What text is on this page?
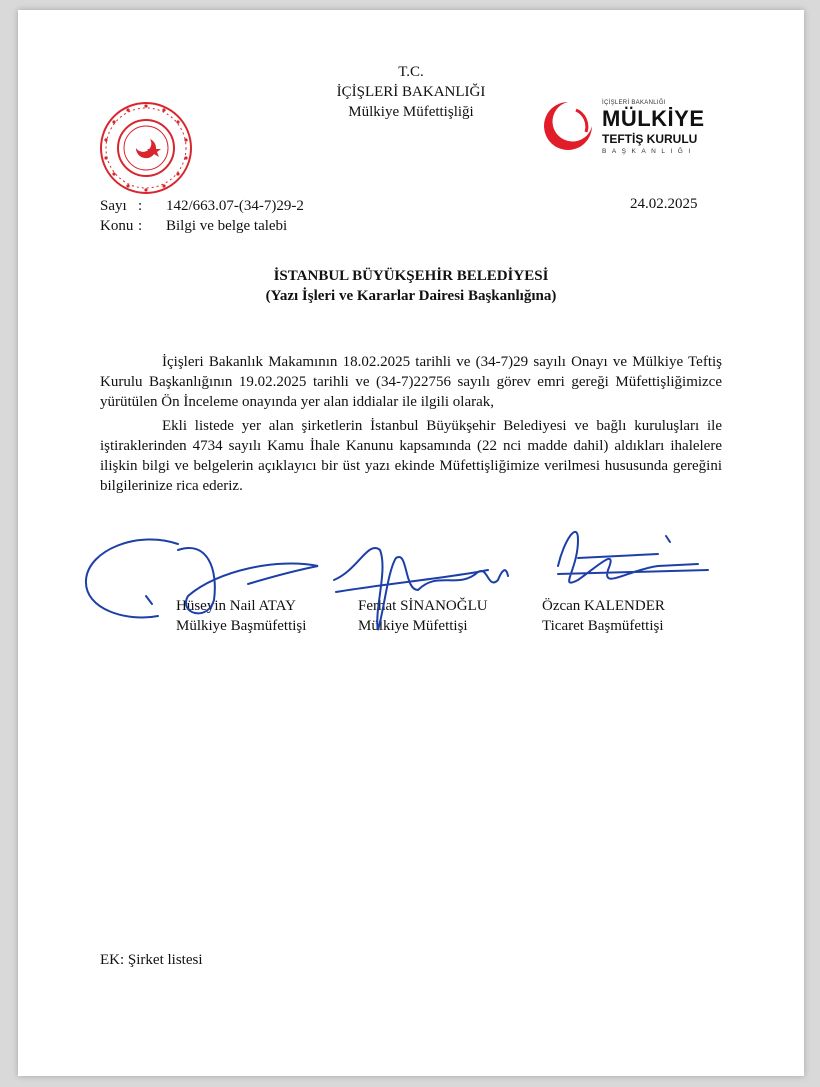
T.C.
İÇİŞLERİ BAKANLIĞI
Mülkiye Müfettişliği
İÇİŞLERİ BAKANLIĞI
MÜLKİYE
TEFTİŞ KURULU
BAŞKANLIĞI
Sayı : 142/663.07-(34-7)29-2
Konu : Bilgi ve belge talebi
24.02.2025
İSTANBUL BÜYÜKŞEHİR BELEDİYESİ
(Yazı İşleri ve Kararlar Dairesi Başkanlığına)

İçişleri Bakanlık Makamının 18.02.2025 tarihli ve (34-7)29 sayılı Onayı ve Mülkiye Teftiş Kurulu Başkanlığının 19.02.2025 tarihli ve (34-7)22756 sayılı görev emri gereği Müfettişliğimizce yürütülen Ön İnceleme onayında yer alan iddialar ile ilgili olarak,

Ekli listede yer alan şirketlerin İstanbul Büyükşehir Belediyesi ve bağlı kuruluşları ile iştiraklerinden 4734 sayılı Kamu İhale Kanunu kapsamında (22 nci madde dahil) aldıkları ihalelere ilişkin bilgi ve belgelerin açıklayıcı bir üst yazı ekinde Müfettişliğimize verilmesi hususunda gereğini bilgilerinize rica ederiz.

Hüseyin Nail ATAY
Mülkiye Başmüfettişi
Ferhat SİNANOĞLU
Mülkiye Müfettişi
Özcan KALENDER
Ticaret Başmüfettişi
EK: Şirket listesi
